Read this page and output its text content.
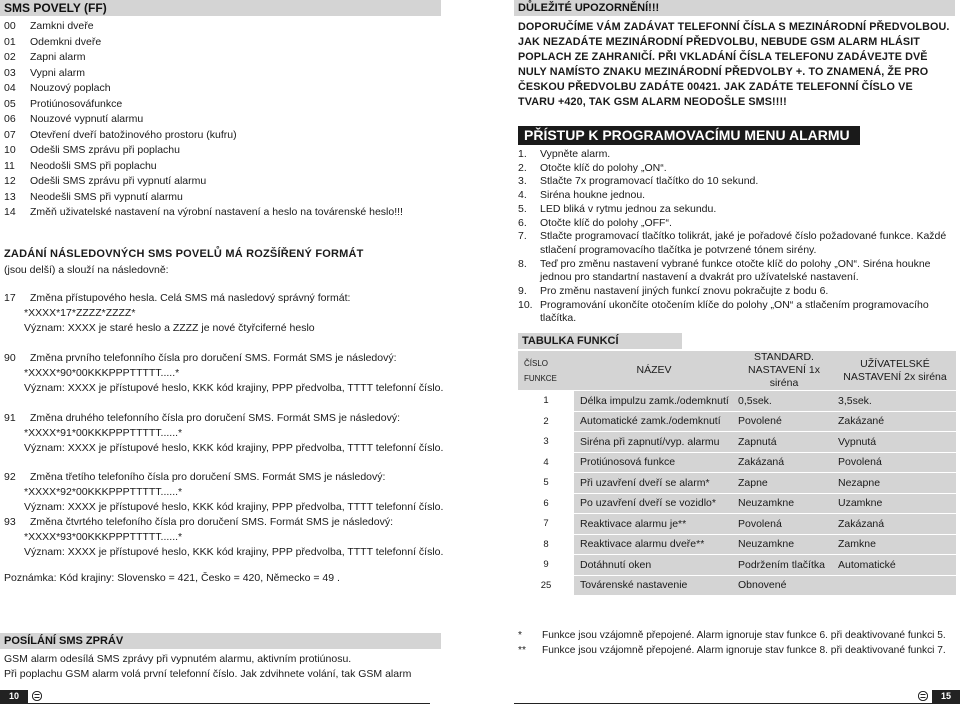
SMS POVELY (FF)
00 Zamkni dveře
01 Odemkni dveře
02 Zapni alarm
03 Vypni alarm
04 Nouzový poplach
05 Protiúnosováfunkce
06 Nouzové vypnutí alarmu
07 Otevření dveří batožinového prostoru (kufru)
10 Odešli SMS zprávu při poplachu
11 Neodošli SMS při poplachu
12 Odešli SMS zprávu při vypnutí alarmu
13 Neodešli SMS při vypnutí alarmu
14 Změň uživatelské nastavení na výrobní nastavení a heslo na továrenské heslo!!!
ZADÁNÍ NÁSLEDOVNÝCH SMS POVELŮ MÁ ROZŠÍŘENÝ FORMÁT
(jsou delší) a slouží na následovně:
17 Změna přístupového hesla. Celá SMS má nasledový správný formát:
*XXXX*17*ZZZZ*ZZZZ*
Význam: XXXX je staré heslo a ZZZZ je nové čtyřciferné heslo
90 Změna prvního telefonního čísla pro doručení SMS. Formát SMS je následový:
*XXXX*90*00KKKPPPTTTTT.....*
Význam: XXXX je přístupové heslo, KKK kód krajiny, PPP předvolba, TTTT telefonní číslo.
91 Změna druhého telefonního čísla pro doručení SMS. Formát SMS je následový:
*XXXX*91*00KKKPPPTTTTT......*
Význam: XXXX je přístupové heslo, KKK kód krajiny, PPP předvolba, TTTT telefonní číslo.
92 Změna třetího telefoního čísla pro doručení SMS. Formát SMS je následový:
*XXXX*92*00KKKPPPTTTTT......*
Význam: XXXX je přístupové heslo, KKK kód krajiny, PPP předvolba, TTTT telefonní číslo.
93 Změna čtvrtého telefoního čísla pro doručení SMS. Formát SMS je následový:
*XXXX*93*00KKKPPPTTTTT......*
Význam: XXXX je přístupové heslo, KKK kód krajiny, PPP předvolba, TTTT telefonní číslo.
Poznámka: Kód krajiny: Slovensko = 421, Česko = 420, Německo = 49 .
POSÍLÁNÍ SMS ZPRÁV
GSM alarm odesílá SMS zprávy při vypnutém alarmu, aktivním protiúnosu.
Při poplachu GSM alarm volá první telefonní číslo. Jak zdvihnete volání, tak GSM alarm
10
DŮLEŽITÉ UPOZORNĚNÍ!!!
DOPORUČÍME VÁM ZADÁVAT TELEFONNÍ ČÍSLA S MEZINÁRODNÍ PŘEDVOLBOU. JAK NEZADÁTE MEZINÁRODNÍ PŘEDVOLBU, NEBUDE GSM ALARM HLÁSIT POPLACH ZE ZAHRANIČÍ. PŘI VKLADÁNÍ ČÍSLA TELEFONU ZADÁVEJTE DVĚ NULY NAMÍSTO ZNAKU MEZINÁRODNÍ PŘEDVOLBY +. TO ZNAMENÁ, ŽE PRO ČESKOU PŘEDVOLBU ZADÁTE 00421. JAK ZADÁTE TELEFONNÍ ČÍSLO VE TVARU +420, TAK GSM ALARM NEODOŠLE SMS!!!!
PŘÍSTUP K PROGRAMOVACÍMU MENU ALARMU
1. Vypněte alarm.
2. Otočte klíč do polohy „ON“.
3. Stlačte 7x programovací tlačítko do 10 sekund.
4. Siréna houkne jednou.
5. LED bliká v rytmu jednou za sekundu.
6. Otočte klíč do polohy „OFF“.
7. Stlačte programovací tlačítko tolikrát, jaké je pořadové číslo požadované funkce. Každé stlačení programovacího tlačítka je potvrzené tónem sirény.
8. Teď pro změnu nastavení vybrané funkce otočte klíč do polohy „ON“. Siréna houkne jednou pro standartní nastavení a dvakrát pro užívatelské nastavení.
9. Pro změnu nastavení jiných funkcí znovu pokračujte z bodu 6.
10. Programování ukončíte otočením klíče do polohy „ON“ a stlačením programovacího tlačítka.
TABULKA FUNKCÍ
ČÍSLO FUNKCE	NÁZEV	STANDARD. NASTAVENÍ 1x siréna	UŽÍVATELSKÉ NASTAVENÍ 2x siréna
1	Délka impulzu zamk./odemknutí	0,5sek.	3,5sek.
2	Automatické zamk./odemknutí	Povolené	Zakázané
3	Siréna při zapnutí/vyp. alarmu	Zapnutá	Vypnutá
4	Protiúnosová funkce	Zakázaná	Povolená
5	Při uzavření dveří se alarm*	Zapne	Nezapne
6	Po uzavření dveří se vozidlo*	Neuzamkne	Uzamkne
7	Reaktivace alarmu je**	Povolená	Zakázaná
8	Reaktivace alarmu dveře**	Neuzamkne	Zamkne
9	Dotáhnutí oken	Podržením tlačítka	Automatické
25	Továrenské nastavenie	Obnovené	
* Funkce jsou vzájomně přepojené. Alarm ignoruje stav funkce 6. při deaktivované funkci 5.
** Funkce jsou vzájomně přepojené. Alarm ignoruje stav funkce 8. při deaktivované funkci 7.
15
